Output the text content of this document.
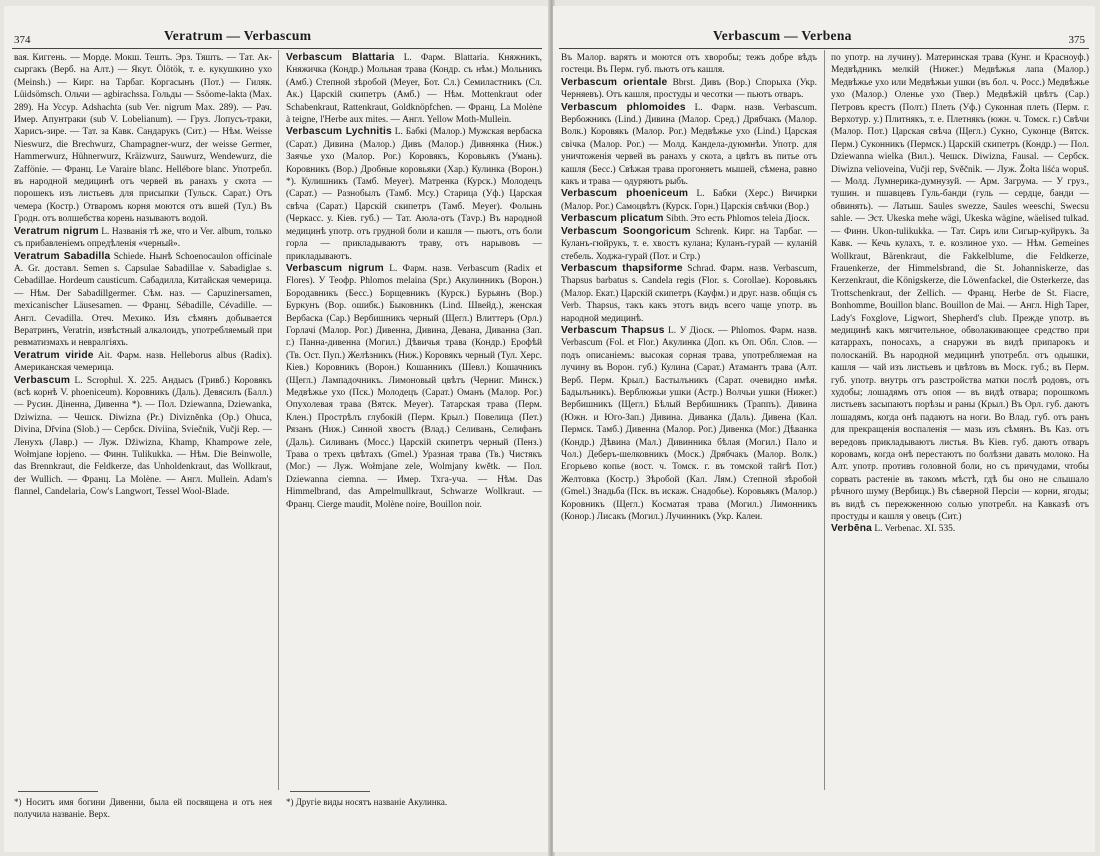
374	Veratrum — Verbascum

вая. Киггень. — Морде. Мокш. Тешть. Эрз. Тяшть. — Тат. Ак-сыргакъ (Верб. на Алт.) — Якут. Ölötök, т. е. кукушкино ухо (Meinsh.) — Кирг. на Тарбаг. Коргасынъ (Пот.) — Гиляк. Lüidsömsch. Ольчи — аgbirachssa. Гольды — Ssöome-lakta (Max. 289). На Уссур. Adshachta (sub Ver. nigrum Max. 289). — Рач. Имер. Апунтраки (sub V. Lobelianum). — Груз. Лопусъ-траки, Харисъ-зире. — Тат. за Кавк. Сандарукъ (Сит.) — Нѣм. Weisse Nieswurz, die Brechwurz, Champagner-wurz, der weisse Germer, Hammerwurz, Hühnerwurz, Kräizwurz, Sauwurz, Wendewurz, die Zaffönie. — Франц. Le Varaire blanc. Hellébore blanc. Употребл. въ народной медицинѣ отъ червей въ ранахъ у скота — порошекъ изъ листьевъ для присыпки (Тульск. Сарат.) Отъ чемера (Костр.) Отваромъ корня моются отъ вшей (Тул.) Въ Гродн. отъ волшебства корень называютъ водой.

Veratrum nigrum L. Названія тѣ же, что и Ver. album, только съ прибавленіемъ опредѣленія «черный».

Veratrum Sabadilla Schiede. Нынѣ Schoenocaulon officinale A. Gr. доставл. Semen s. Capsulae Sabadillae v. Sabadiglae s. Cebadillae. Hordeum causticum. Сабадилла, Китайская чемерица. — Нѣм. Der Sabadillgermer. Сѣм. наз. — Capuzinersamen, mexicanischer Läusesamen. — Франц. Sébadille, Cévadille. — Англ. Cevadilla. Отеч. Мехико. Изъ сѣмянъ добывается Вератринъ, Veratrin, извѣстный алкалоидъ, употребляемый при ревматизмахъ и невралгіяхъ.

Veratrum viride Ait. Фарм. назв. Helleborus albus (Radix). Американская чемерица.

Verbascum L. Scrophul. X. 225. Андысъ (Гривб.) Коровякъ (всѣ корнѣ V. phoeniceum). Коровникъ (Даль). Девясилъ (Балл.) — Русин. Діненна, Дивенна *). — Пол. Dziewanna, Dziewanka, Dziwizna. — Чешск. Diwizna (Pr.) Divizněnka (Op.) Ohuca, Divina, Dřvina (Slob.) — Сербск. Diviina, Sviečnik, Vučji Rep. — Ленухъ (Лавр.) — Луж. Džiwizna, Khamp, Khampowe zele, Wołmjane łopjeno. — Финн. Tulikukka. — Нѣм. Die Beinwolle, das Brennkraut, die Feldkerze, das Unholdenkraut, das Wollkraut, der Wullich. — Франц. La Molène. — Англ. Mullein. Adam's flannel, Candelaria, Cow's Langwort, Tessel Wool-Blade.

*) Носитъ имя богини Дивенни, была ей посвящена и отъ нея получила названіе. Верх.

Verbascum Blattaria L. Фарм. Blattaria. Княжникъ, Княжичка (Кондр.) Мольная трава (Кондр. съ нѣм.) Мольникъ (Амб.) Степной зѣробой (Meyer, Бот. Сл.) Семиластникъ (Сл. Ак.) Царскій скипетръ (Амб.) — Нѣм. Mottenkraut oder Schabenkraut, Rattenkraut, Goldknöpfchen. — Франц. La Molène à teigne, l'Herbe aux mites. — Англ. Yellow Moth-Mullein.

Verbascum Lychnitis L. Бабкі (Малор.) Мужская вербаска (Сарат.) Дивина (Малор.) Дивъ (Малор.) Дивнянка (Ниж.) Заячье ухо (Малор. Рог.) Коровякъ, Коровьякъ (Умань). Коровникъ (Вор.) Дробные коровьяки (Хар.) Кулинка (Ворон.) *). Кулишникъ (Тамб. Meyer). Матренка (Курск.) Молодецъ (Сарат.) — Разнобылъ (Тамб. Мсу.) Старица (Уф.) Царская свѣча (Сарат.) Царскій скипетръ (Тамб. Meyer). Фолынь (Черкасс. у. Кіев. губ.) — Тат. Аюла-отъ (Таvр.) Въ народной медицинѣ употр. отъ грудной боли и кашля — пьютъ, отъ боли горла — прикладываютъ траву, отъ нарывовъ — прикладываютъ.

Verbascum nigrum L. Фарм. назв. Verbascum (Radix et Flores). У Теофр. Phlomos melaina (Spr.) Акулинникъ (Ворон.) Бородавникъ (Бесс.) Борщевникъ (Курск.) Бурьянъ (Вор.) Буркунъ (Вор. ошибк.) Быковникъ (Lind. Швейд.), женская Вербаска (Сар.) Вербишникъ черный (Щегл.) Влиттеръ (Орл.) Горлачі (Малор. Рог.) Дивенна, Дивина, Девана, Диванна (Зап. г.) Панна-дивенна (Могил.) Дѣвичья трава (Кондр.) Ерофѣй (Тв. Ост. Пуп.) Желѣзникъ (Ниж.) Коровякъ черный (Тул. Херс. Кіев.) Коровникъ (Ворон.) Кошанникъ (Шевл.) Кошачникъ (Щегл.) Лампадочникъ. Лимоновый цвѣтъ (Черниг. Минск.) Медвѣжье ухо (Пск.) Молодецъ (Сарат.) Оманъ (Малор. Рог.) Опухолевая трава (Вятск. Meyer). Татарская трава (Перм. Клен.) Прострѣлъ глубокій (Перм. Крыл.) Повелица (Пет.) Рязанъ (Ниж.) Синной хвостъ (Влад.) Селивань, Селифанъ (Даль). Силиванъ (Мосс.) Царскій скипетръ черный (Пенз.) Трава о трехъ цвѣтахъ (Gmel.) Уразная трава (Тв.) Чистякъ (Мог.) — Луж. Wołmjane zele, Wolmjany kwětk. — Пол. Dziewanna ciemna. — Имер. Тхга-уча. — Нѣм. Das Himmelbrand, das Ampelmullkraut, Schwarze Wollkraut. — Франц. Cierge maudit, Molène noire, Bouillon noir.

*) Другіе виды носятъ названіе Акулинка.
Verbascum — Verbena	375

Въ Малор. варятъ и моются отъ хворобы; тежъ добре вѣдъ гостеци. Въ Перм. губ. пьютъ отъ кашля.

Verbascum orientale Bbrst. Дивъ (Вор.) Спорыха (Укр. Черняевъ). Отъ кашля, простуды и чесотки — пьютъ отваръ.

Verbascum phlomoides L. Фарм. назв. Verbascum. Вербожникъ (Lind.) Дивина (Малор. Сред.) Дрябчакъ (Малор. Волк.) Коровякъ (Малор. Рог.) Медвѣжье ухо (Lind.) Царская свічка (Малор. Рог.) — Молд. Кандела-дуюмнѣи. Употр. для уничтоженія червей въ ранахъ у скота, а цвѣтъ въ питье отъ кашля (Бесс.) Свѣжая трава прогоняетъ мышей, сѣмена, равно какъ и трава — одуряютъ рыбъ.

Verbascum phoeniceum L. Бабки (Херс.) Вичирки (Малор. Рог.) Самоцвѣтъ (Курск. Горн.) Царскія свѣчки (Вор.)

Verbascum plicatum Sibth. Это есть Phlomos teleia Діоск.

Verbascum Soongoricum Schrenk. Кирг. на Тарбаг. — Куланъ-гюйрукъ, т. е. хвостъ кулана; Куланъ-гурай — куланій стебель. Ходжа-гурай (Пот. и Стр.)

Verbascum thapsiforme Schrad. Фарм. назв. Verbascum, Thapsus barbatus s. Candela regis (Flor. s. Corollae). Коровьякъ (Малор. Екат.) Царскій скипетръ (Кауфм.) и друг. назв. общія съ Verb. Thapsus, такъ какъ этотъ видъ всего чаще употр. въ народной медицинѣ.

Verbascum Thapsus L. У Діоск. — Phlomos. Фарм. назв. Verbascum (Fol. et Flor.) Акулинка (Доп. къ Оп. Обл. Слов. — подъ описаніемъ: высокая сорная трава, употребляемая на лучину въ Ворон. губ.) Кулина (Сарат.) Атамантъ трава (Алт. Верб. Перм. Крыл.) Бастылъникъ (Сарат. очевидно имѣя. Бадылъникъ). Верблюжьи ушки (Астр.) Волчьи ушки (Нижег.) Вербишникъ (Щегл.) Бѣлый Вербишникъ (Траппъ). Дивина (Южн. и Юго-Зап.) Дивина. Диванка (Даль). Дивена (Кал. Пермск. Тамб.) Дивенна (Малор. Рог.) Дивенка (Мог.) Дѣванка (Кондр.) Дѣвина (Мал.) Дивинника бѣлая (Могил.) Пало и Чол.) Деберъ-шелковникъ (Моск.) Дрябчакъ (Малор. Волк.) Егорьево копье (вост. ч. Томск. г. въ томской тайгѣ Пот.) Желтовка (Костр.) Зѣробой (Кал. Лям.) Степной зѣробой (Gmel.) Знадьба (Пск. въ искаж. Снадобье). Коровьякъ (Малор.) Коровникъ (Щегл.) Косматая трава (Могил.) Лимонникъ (Конор.) Лисакъ (Могил.) Лучинникъ (Укр. Калеи.

по употр. на лучину). Материнская трава (Кунг. и Красноуф.) Медвѣдникъ мелкій (Нижег.) Медвѣжья лапа (Малор.) Медвѣжье ухо или Медвѣжьи ушки (въ бол. ч. Росс.) Медвѣжье ухо (Малор.) Оленье ухо (Твер.) Медвѣжій цвѣтъ (Сар.) Петровъ крестъ (Полт.) Плеть (Уф.) Суконная плеть (Перм. г. Верхотур. у.) Плитнякъ, т. е. Плетнякъ (южн. ч. Томск. г.) Свѣчи (Малор. Пот.) Царская свѣча (Щегл.) Сукно, Суконце (Вятск. Перм.) Суконникъ (Пермск.) Царскій скипетръ (Кондр.) — Пол. Dziewanna wielka (Вил.). Чешск. Diwizna, Fausal. — Сербск. Diwizna velioveina, Vučji rep, Svěčnik. — Луж. Žołta liśća wopuš. — Молд. Лумнерика-думнузуй. — Арм. Загрума. — У груз., тушин. и пшавцевъ Гуль-банди (гуль — сердце, банди — обвинять). — Латыш. Saules swezze, Saules weeschi, Swecsu sahle. — Эст. Ukeska mehe wägi, Ukeska wägine, wäelised tulkad. — Финн. Ukon-tulikukka. — Тат. Сиръ или Сигыр-куйрукъ. За Кавк. — Кечь кулахъ, т. е. козлиное ухо. — Нѣм. Gemeines Wollkraut, Bärenkraut, die Fakkelblume, die Feldkerze, Frauenkerze, der Himmelsbrand, die St. Johanniskerze, das Kerzenkraut, die Königskerze, die Löwenfackel, die Osterkerze, das Trottschenkraut, der Zellich. — Франц. Herbe de St. Fiacre, Bonhomme, Bouillon blanc. Bouillon de Mai. — Англ. High Taper, Lady's Foxglove, Ligwort, Shepherd's club. Прежде употр. въ медицинѣ какъ мягчительное, обволакивающее средство при катаррахъ, поносахъ, а снаружи въ видѣ припарокъ и полосканій. Въ народной медицинѣ употребл. отъ одышки, кашля — чай изъ листьевъ и цвѣтовъ въ Моск. губ.; въ Перм. губ. употр. внутрь отъ разстройства матки послѣ родовъ, отъ худобы; лошадямъ отъ опоя — въ видѣ отвара; порошкомъ листьевъ засыпаютъ порѣзы и раны (Крыл.) Въ Орл. губ. даютъ лошадямъ, когда онѣ падаютъ на ноги. Во Влад. губ. отъ ранъ для прекращенія воспаленія — мазь изъ сѣмянъ. Въ Каз. отъ вередовъ прикладываютъ листья. Въ Кіев. губ. даютъ отваръ коровамъ, когда онѣ перестаютъ по болѣзни давать молоко. На Алт. употр. противъ головной боли, но съ причудами, чтобы сорвать растеніе въ такомъ мѣстѣ, гдѣ бы оно не слышало рѣчного шуму (Вербицк.) Въ сѣверной Персіи — корни, ягоды; въ видѣ съ пережженною солью употребл. на Кавказѣ отъ простуды и кашля у овецъ (Сит.)

Verbēna L. Verbenac. XI. 535.
